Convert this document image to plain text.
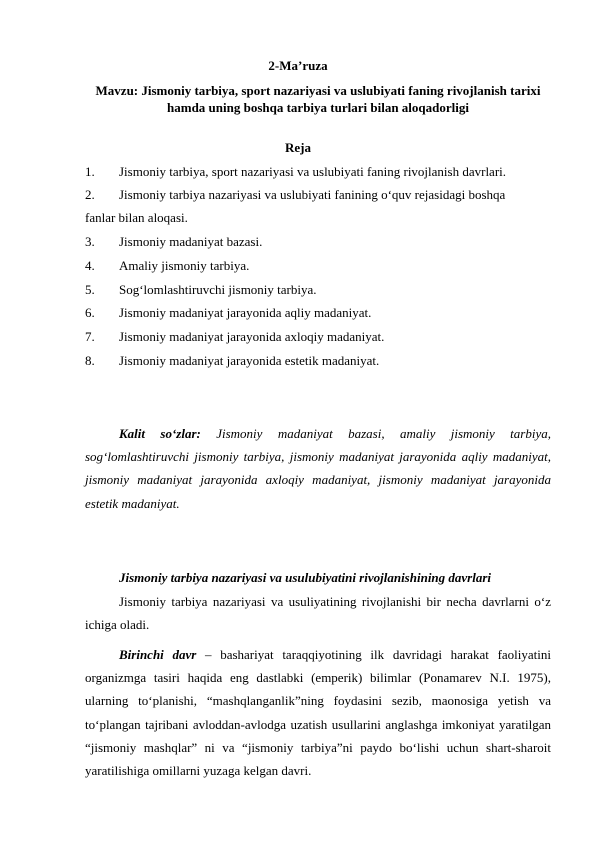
2-Ma’ruza
Mavzu: Jismoniy tarbiya, sport nazariyasi va uslubiyati faning rivojlanish tarixi hamda uning boshqa tarbiya turlari bilan aloqadorligi
Reja
1. Jismoniy tarbiya, sport nazariyasi va uslubiyati faning rivojlanish davrlari.
2. Jismoniy tarbiya nazariyasi va uslubiyati fanining o‘quv rejasidagi boshqa
fanlar bilan aloqasi.
3. Jismoniy madaniyat bazasi.
4. Amaliy jismoniy tarbiya.
5. Sog‘lomlashtiruvchi jismoniy tarbiya.
6. Jismoniy madaniyat jarayonida aqliy madaniyat.
7. Jismoniy madaniyat jarayonida axloqiy madaniyat.
8. Jismoniy madaniyat jarayonida estetik madaniyat.

Kalit so‘zlar: Jismoniy madaniyat bazasi, amaliy jismoniy tarbiya, sog‘lomlashtiruvchi jismoniy tarbiya, jismoniy madaniyat jarayonida aqliy madaniyat, jismoniy madaniyat jarayonida axloqiy madaniyat, jismoniy madaniyat jarayonida estetik madaniyat.

Jismoniy tarbiya nazariyasi va usulubiyatini rivojlanishining davrlari

Jismoniy tarbiya nazariyasi va usuliyatining rivojlanishi bir necha davrlarni o‘z ichiga oladi.

Birinchi davr – bashariyat taraqqiyotining ilk davridagi harakat faoliyatini organizmga tasiri haqida eng dastlabki (emperik) bilimlar (Ponamarev N.I. 1975), ularning to‘planishi, “mashqlanganlik”ning foydasini sezib, maonosiga yetish va to‘plangan tajribani avloddan-avlodga uzatish usullarini anglashga imkoniyat yaratilgan “jismoniy mashqlar” ni va “jismoniy tarbiya”ni paydo bo‘lishi uchun shart-sharoit yaratilishiga omillarni yuzaga kelgan davri.
